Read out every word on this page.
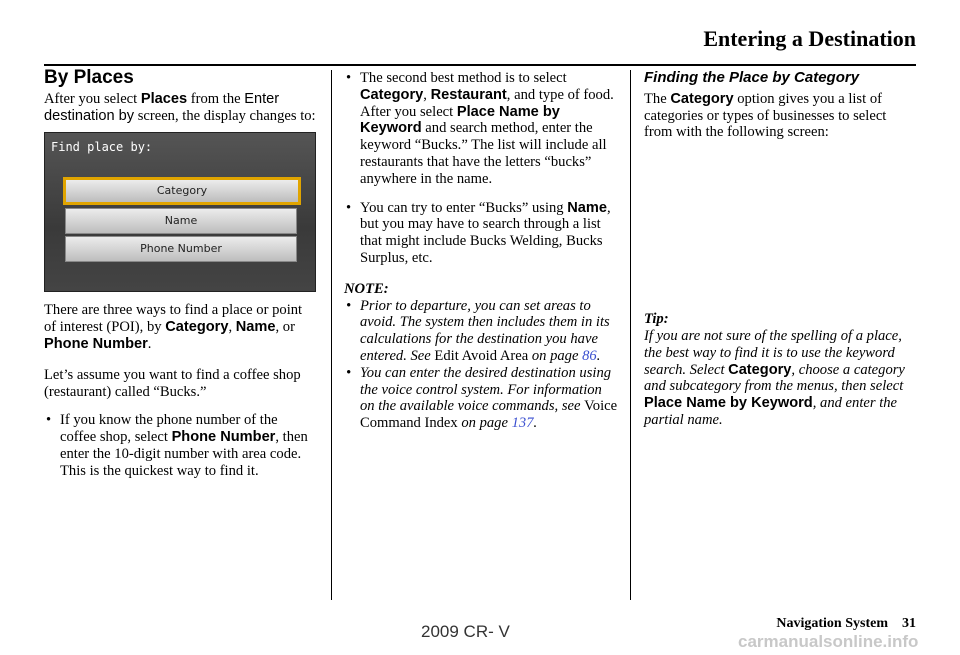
Entering a Destination
By Places

After you select Places from the Enter destination by screen, the display changes to:

Find place by:
Category
Name
Phone Number

There are three ways to find a place or point of interest (POI), by Category, Name, or Phone Number.

Let’s assume you want to find a coffee shop (restaurant) called “Bucks.”

• If you know the phone number of the coffee shop, select Phone Number, then enter the 10-digit number with area code. This is the quickest way to find it.
• The second best method is to select Category, Restaurant, and type of food. After you select Place Name by Keyword and search method, enter the keyword “Bucks.” The list will include all restaurants that have the letters “bucks” anywhere in the name.
• You can try to enter “Bucks” using Name, but you may have to search through a list that might include Bucks Welding, Bucks Surplus, etc.

NOTE:

• Prior to departure, you can set areas to avoid. The system then includes them in its calculations for the destination you have entered. See Edit Avoid Area on page 86.
• You can enter the desired destination using the voice control system. For information on the available voice commands, see Voice Command Index on page 137.
Finding the Place by Category

The Category option gives you a list of categories or types of businesses to select from with the following screen:

Tip:

If you are not sure of the spelling of a place, the best way to find it is to use the keyword search. Select Category, choose a category and subcategory from the menus, then select Place Name by Keyword, and enter the partial name.

Navigation System 31
2009 CR- V
carmanualsonline.info
